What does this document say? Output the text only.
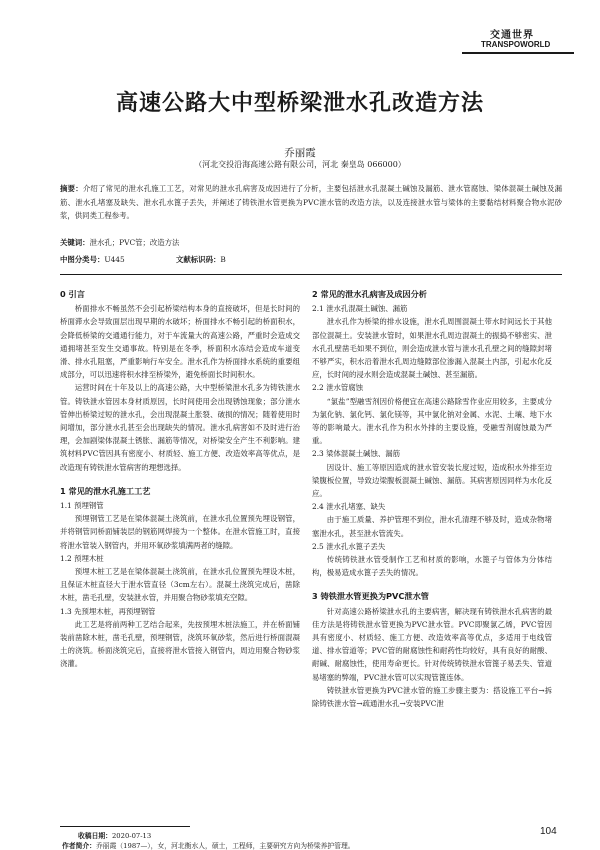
交通世界
TRANSPOWORLD
高速公路大中型桥梁泄水孔改造方法
乔丽霞
（河北交投沿海高速公路有限公司，河北 秦皇岛 066000）
摘要：介绍了常见的泄水孔施工工艺，对常见的泄水孔病害及成因进行了分析，主要包括泄水孔混凝土碱蚀及漏筋、泄水管腐蚀、梁体混凝土碱蚀及漏筋、泄水孔堵塞及缺失、泄水孔水篦子丢失，并阐述了铸铁泄水管更换为PVC泄水管的改造方法，以及连接泄水管与梁体的主要黏结材料聚合物水泥砂浆，供同类工程参考。
关键词：泄水孔；PVC管；改造方法
中图分类号：U445	文献标识码：B

0 引言

桥面排水不畅虽然不会引起桥梁结构本身的直接破坏，但是长时间的桥面滞水会导致面层出现早期的水破坏；桥面排水不畅引起的桥面积水，会降低桥梁的交通通行能力，对于车流量大的高速公路，严重时会造成交通拥堵甚至发生交通事故。特别是在冬季，桥面积水冻结会造成车道变滑、排水孔阻塞，严重影响行车安全。泄水孔作为桥面排水系统的重要组成部分，可以迅速将积水排至桥梁外，避免桥面长时间积水。

运营时间在十年及以上的高速公路，大中型桥梁泄水孔多为铸铁泄水管。铸铁泄水管因本身材质原因，长时间使用会出现锈蚀现象；部分泄水管伸出桥梁过短的泄水孔，会出现混凝土胀裂、破损的情况；随着使用时间增加，部分泄水孔甚至会出现缺失的情况。泄水孔病害如不及时进行治理，会加剧梁体混凝土锈胀、漏筋等情况，对桥梁安全产生不利影响。建筑材料PVC管因具有密度小、材质轻、施工方便、改造效率高等优点，是改造现有铸铁泄水管病害的理想选择。

1 常见的泄水孔施工工艺

1.1 预埋钢管

预埋钢管工艺是在梁体混凝土浇筑前，在泄水孔位置预先埋设钢管，并将钢管同桥面铺装层的钢筋网焊接为一个整体。在泄水管施工时，直接将泄水管装入钢管内，并用环氧砂浆填满两者的缝隙。

1.2 预埋木桩

预埋木桩工艺是在梁体混凝土浇筑前，在泄水孔位置预先埋设木桩，且保证木桩直径大于泄水管直径（3cm左右）。混凝土浇筑完成后，凿除木桩，凿毛孔壁，安装泄水管，并用聚合物砂浆填充空隙。

1.3 先预埋木桩，再预埋钢管

此工艺是将前两种工艺结合起来，先按预埋木桩法施工，并在桥面铺装前凿除木桩，凿毛孔壁，预埋钢管，浇筑环氧砂浆，然后进行桥面混凝土的浇筑。桥面浇筑完后，直接将泄水管接入钢管内，周边用聚合物砂浆浇灌。

2 常见的泄水孔病害及成因分析

2.1 泄水孔混凝土碱蚀、漏筋

泄水孔作为桥梁的排水设施，泄水孔周围混凝土带水时间远长于其他部位混凝土。安装泄水管时，如果泄水孔周边混凝土的振捣不够密实、泄水孔孔壁凿毛如果不到位，则会造成泄水管与泄水孔孔壁之间的缝隙封堵不够严实，积水沿着泄水孔周边缝隙部位渗漏入混凝土内部，引起水化反应，长时间的浸水则会造成混凝土碱蚀、甚至漏筋。

2.2 泄水管腐蚀

“氯盐”型融雪剂因价格便宜在高速公路除雪作业应用较多，主要成分为氯化钠、氯化钙、氯化镁等，其中氯化钠对金属、水泥、土壤、地下水等的影响最大。泄水孔作为积水外排的主要设施，受融雪剂腐蚀最为严重。

2.3 梁体混凝土碱蚀、漏筋

因设计、施工等原因造成的泄水管安装长度过短，造成积水外排至边梁腹板位置，导致边梁腹板混凝土碱蚀、漏筋。其病害原因同样为水化反应。

2.4 泄水孔堵塞、缺失

由于施工质量、养护管理不到位，泄水孔清理不够及时，造成杂物堵塞泄水孔，甚至泄水管流失。

2.5 泄水孔水篦子丢失

传统铸铁泄水管受制作工艺和材质的影响，水篦子与管体为分体结构，极易造成水篦子丢失的情况。

3 铸铁泄水管更换为PVC泄水管

针对高速公路桥梁泄水孔的主要病害，解决现有铸铁泄水孔病害的最佳方法是将铸铁泄水管更换为PVC泄水管。PVC即聚氯乙烯，PVC管因具有密度小、材质轻、施工方便、改造效率高等优点，多适用于电线管道、排水管道等；PVC管的耐腐蚀性和耐药性均较好，具有良好的耐酸、耐碱、耐腐蚀性，使用寿命更长。针对传统铸铁泄水管篦子易丢失、管道易堵塞的弊端，PVC泄水管可以实现管篦连体。

铸铁泄水管更换为PVC泄水管的施工步骤主要为：搭设施工平台→拆除铸铁泄水管→疏通泄水孔→安装PVC泄

收稿日期：2020-07-13
作者简介：乔丽霞（1987—），女，河北衡水人，硕士，工程师，主要研究方向为桥梁养护管理。
104
